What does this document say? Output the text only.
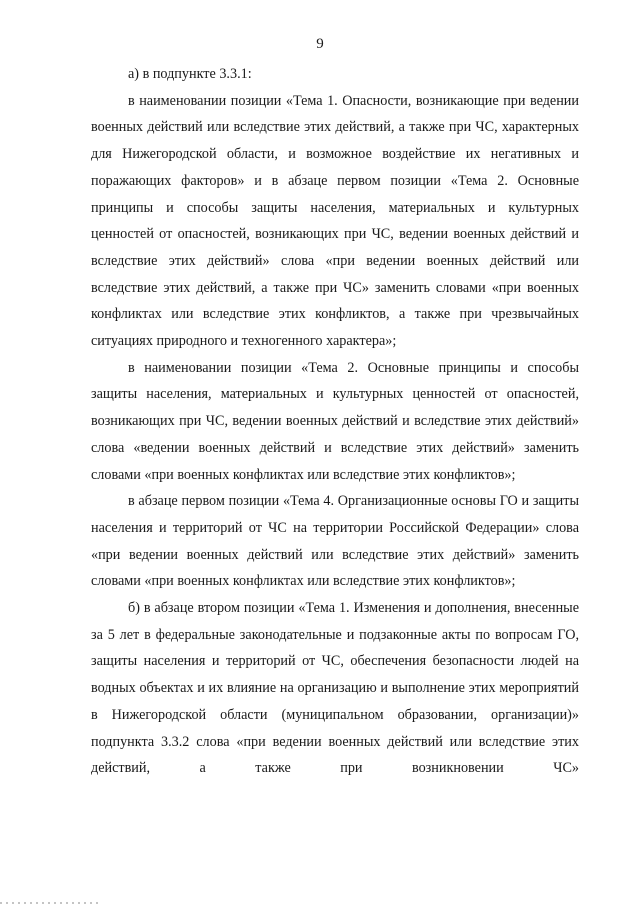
9

а) в подпункте 3.3.1:

в наименовании позиции «Тема 1. Опасности, возникающие при ведении военных действий или вследствие этих действий, а также при ЧС, характерных для Нижегородской области, и возможное воздействие их негативных и поражающих факторов» и в абзаце первом позиции «Тема 2. Основные принципы и способы защиты населения, материальных и культурных ценностей от опасностей, возникающих при ЧС, ведении военных действий и вследствие этих действий» слова «при ведении военных действий или вследствие этих действий, а также при ЧС» заменить словами «при военных конфликтах или вследствие этих конфликтов, а также при чрезвычайных ситуациях природного и техногенного характера»;

в наименовании позиции «Тема 2. Основные принципы и способы защиты населения, материальных и культурных ценностей от опасностей, возникающих при ЧС, ведении военных действий и вследствие этих действий» слова «ведении военных действий и вследствие этих действий» заменить словами «при военных конфликтах или вследствие этих конфликтов»;

в абзаце первом позиции «Тема 4. Организационные основы ГО и защиты населения и территорий от ЧС на территории Российской Федерации» слова «при ведении военных действий или вследствие этих действий» заменить словами «при военных конфликтах или вследствие этих конфликтов»;

б) в абзаце втором позиции «Тема 1. Изменения и дополнения, внесенные за 5 лет в федеральные законодательные и подзаконные акты по вопросам ГО, защиты населения и территорий от ЧС, обеспечения безопасности людей на водных объектах и их влияние на организацию и выполнение этих мероприятий в Нижегородской области (муниципальном образовании, организации)» подпункта 3.3.2 слова «при ведении военных действий или вследствие этих действий, а также при возникновении ЧС»
